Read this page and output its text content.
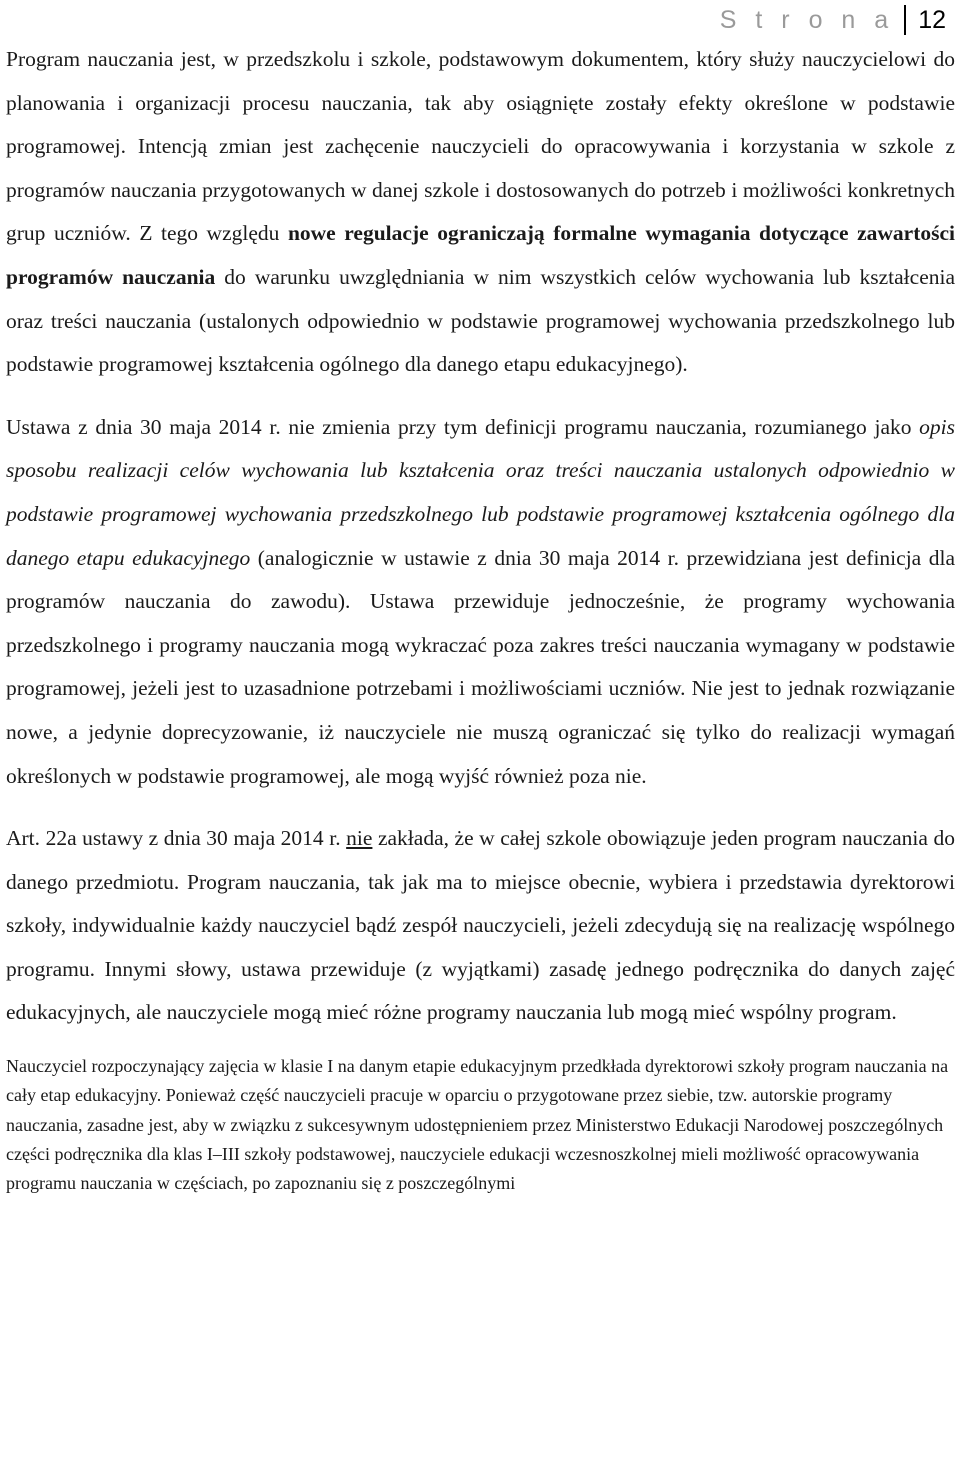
S t r o n a 12

Program nauczania jest, w przedszkolu i szkole, podstawowym dokumentem, który służy nauczycielowi do planowania i organizacji procesu nauczania, tak aby osiągnięte zostały efekty określone w podstawie programowej. Intencją zmian jest zachęcenie nauczycieli do opracowywania i korzystania w szkole z programów nauczania przygotowanych w danej szkole i dostosowanych do potrzeb i możliwości konkretnych grup uczniów. Z tego względu nowe regulacje ograniczają formalne wymagania dotyczące zawartości programów nauczania do warunku uwzględniania w nim wszystkich celów wychowania lub kształcenia oraz treści nauczania (ustalonych odpowiednio w podstawie programowej wychowania przedszkolnego lub podstawie programowej kształcenia ogólnego dla danego etapu edukacyjnego).

Ustawa z dnia 30 maja 2014 r. nie zmienia przy tym definicji programu nauczania, rozumianego jako opis sposobu realizacji celów wychowania lub kształcenia oraz treści nauczania ustalonych odpowiednio w podstawie programowej wychowania przedszkolnego lub podstawie programowej kształcenia ogólnego dla danego etapu edukacyjnego (analogicznie w ustawie z dnia 30 maja 2014 r. przewidziana jest definicja dla programów nauczania do zawodu). Ustawa przewiduje jednocześnie, że programy wychowania przedszkolnego i programy nauczania mogą wykraczać poza zakres treści nauczania wymagany w podstawie programowej, jeżeli jest to uzasadnione potrzebami i możliwościami uczniów. Nie jest to jednak rozwiązanie nowe, a jedynie doprecyzowanie, iż nauczyciele nie muszą ograniczać się tylko do realizacji wymagań określonych w podstawie programowej, ale mogą wyjść również poza nie.

Art. 22a ustawy z dnia 30 maja 2014 r. nie zakłada, że w całej szkole obowiązuje jeden program nauczania do danego przedmiotu. Program nauczania, tak jak ma to miejsce obecnie, wybiera i przedstawia dyrektorowi szkoły, indywidualnie każdy nauczyciel bądź zespół nauczycieli, jeżeli zdecydują się na realizację wspólnego programu. Innymi słowy, ustawa przewiduje (z wyjątkami) zasadę jednego podręcznika do danych zajęć edukacyjnych, ale nauczyciele mogą mieć różne programy nauczania lub mogą mieć wspólny program.

Nauczyciel rozpoczynający zajęcia w klasie I na danym etapie edukacyjnym przedkłada dyrektorowi szkoły program nauczania na cały etap edukacyjny. Ponieważ część nauczycieli pracuje w oparciu o przygotowane przez siebie, tzw. autorskie programy nauczania, zasadne jest, aby w związku z sukcesywnym udostępnieniem przez Ministerstwo Edukacji Narodowej poszczególnych części podręcznika dla klas I–III szkoły podstawowej, nauczyciele edukacji wczesnoszkolnej mieli możliwość opracowywania programu nauczania w częściach, po zapoznaniu się z poszczególnymi
